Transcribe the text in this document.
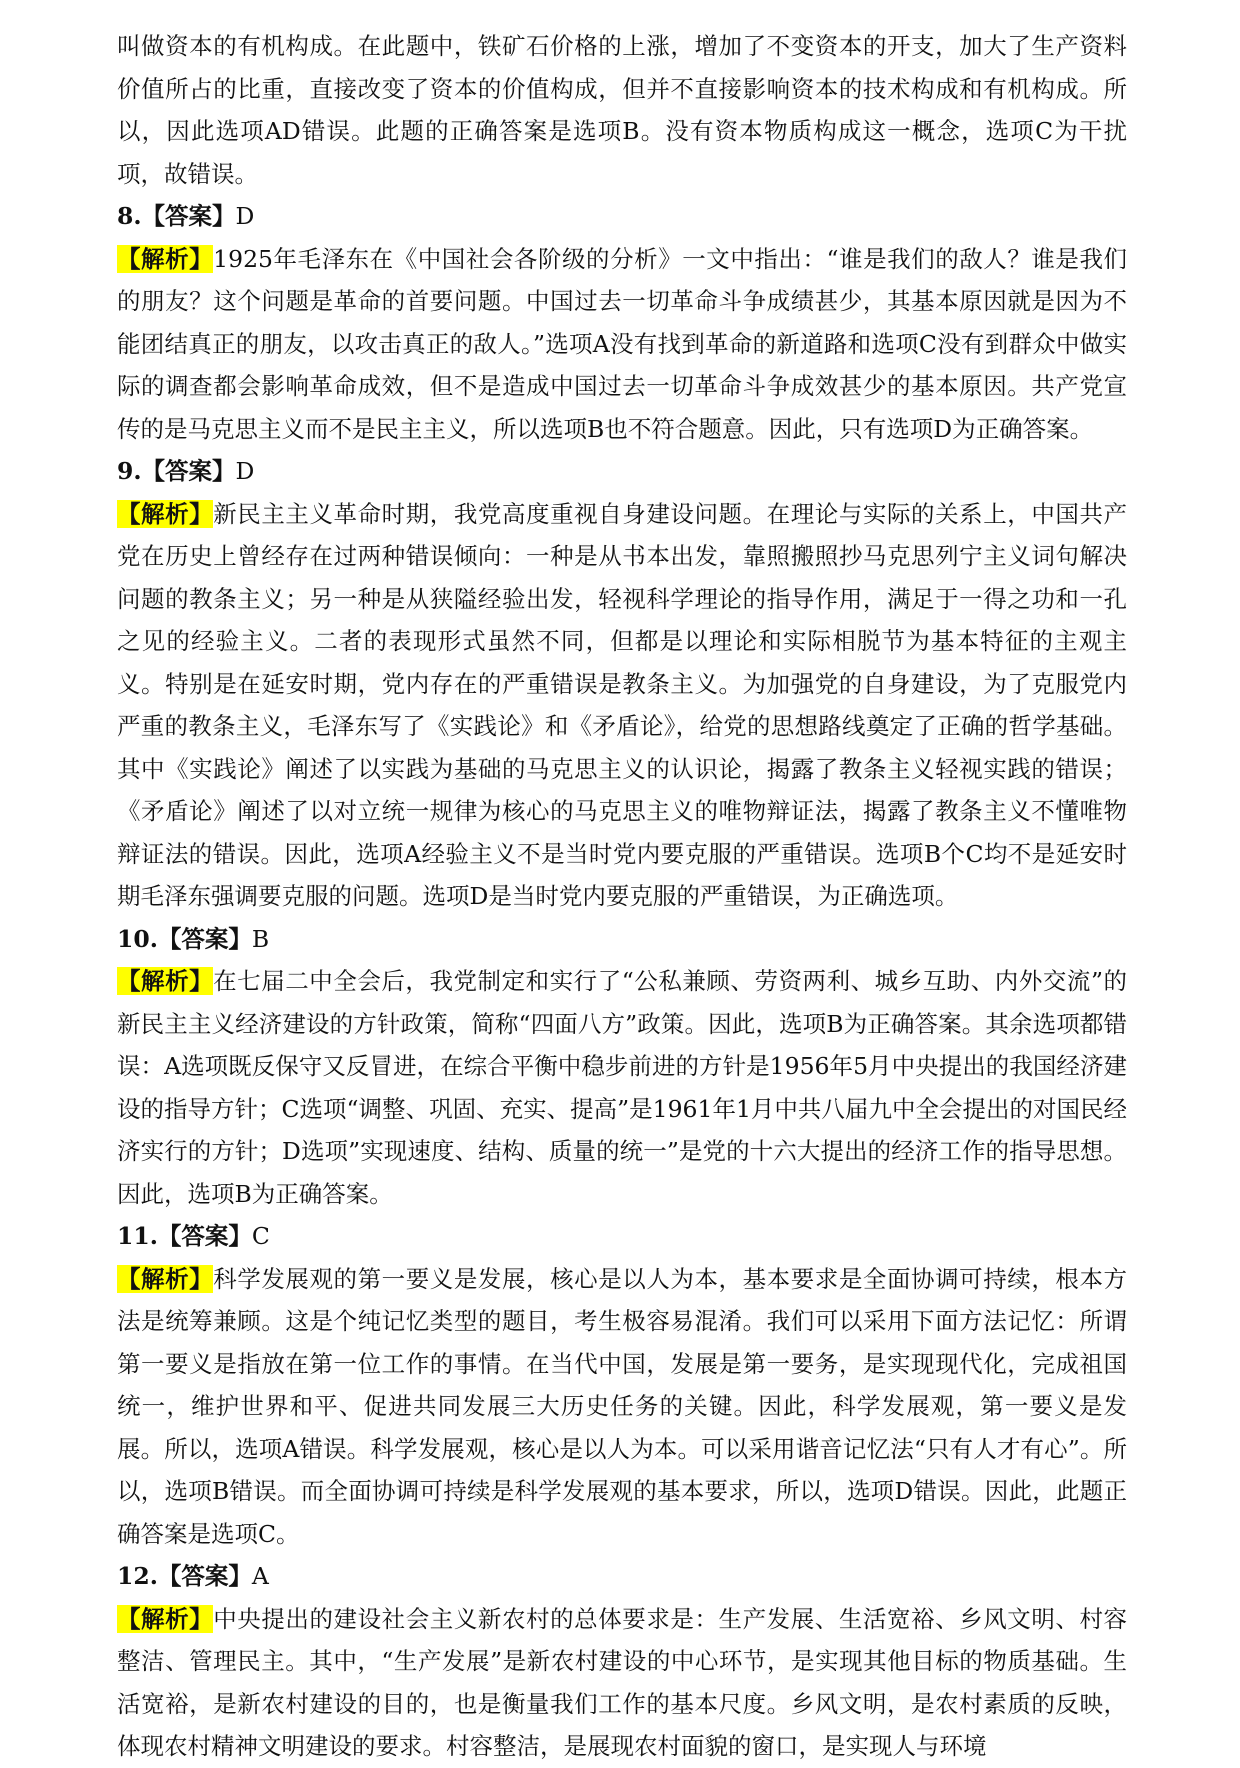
叫做资本的有机构成。在此题中，铁矿石价格的上涨，增加了不变资本的开支，加大了生产资料价值所占的比重，直接改变了资本的价值构成，但并不直接影响资本的技术构成和有机构成。所以，因此选项AD错误。此题的正确答案是选项B。没有资本物质构成这一概念，选项C为干扰项，故错误。

8.【答案】D

【解析】1925年毛泽东在《中国社会各阶级的分析》一文中指出：“谁是我们的敌人？谁是我们的朋友？这个问题是革命的首要问题。中国过去一切革命斗争成绩甚少，其基本原因就是因为不能团结真正的朋友，以攻击真正的敌人。”选项A没有找到革命的新道路和选项C没有到群众中做实际的调查都会影响革命成效，但不是造成中国过去一切革命斗争成效甚少的基本原因。共产党宣传的是马克思主义而不是民主主义，所以选项B也不符合题意。因此，只有选项D为正确答案。

9.【答案】D

【解析】新民主主义革命时期，我党高度重视自身建设问题。在理论与实际的关系上，中国共产党在历史上曾经存在过两种错误倾向：一种是从书本出发，靠照搬照抄马克思列宁主义词句解决问题的教条主义；另一种是从狭隘经验出发，轻视科学理论的指导作用，满足于一得之功和一孔之见的经验主义。二者的表现形式虽然不同，但都是以理论和实际相脱节为基本特征的主观主义。特别是在延安时期，党内存在的严重错误是教条主义。为加强党的自身建设，为了克服党内严重的教条主义，毛泽东写了《实践论》和《矛盾论》，给党的思想路线奠定了正确的哲学基础。其中《实践论》阐述了以实践为基础的马克思主义的认识论，揭露了教条主义轻视实践的错误；《矛盾论》阐述了以对立统一规律为核心的马克思主义的唯物辩证法，揭露了教条主义不懂唯物辩证法的错误。因此，选项A经验主义不是当时党内要克服的严重错误。选项B个C均不是延安时期毛泽东强调要克服的问题。选项D是当时党内要克服的严重错误，为正确选项。

10.【答案】B

【解析】在七届二中全会后，我党制定和实行了“公私兼顾、劳资两利、城乡互助、内外交流”的新民主主义经济建设的方针政策，简称“四面八方”政策。因此，选项B为正确答案。其余选项都错误：A选项既反保守又反冒进，在综合平衡中稳步前进的方针是1956年5月中央提出的我国经济建设的指导方针；C选项“调整、巩固、充实、提高”是1961年1月中共八届九中全会提出的对国民经济实行的方针；D选项”实现速度、结构、质量的统一”是党的十六大提出的经济工作的指导思想。因此，选项B为正确答案。

11.【答案】C

【解析】科学发展观的第一要义是发展，核心是以人为本，基本要求是全面协调可持续，根本方法是统筹兼顾。这是个纯记忆类型的题目，考生极容易混淆。我们可以采用下面方法记忆：所谓第一要义是指放在第一位工作的事情。在当代中国，发展是第一要务，是实现现代化，完成祖国统一，维护世界和平、促进共同发展三大历史任务的关键。因此，科学发展观，第一要义是发展。所以，选项A错误。科学发展观，核心是以人为本。可以采用谐音记忆法“只有人才有心”。所以，选项B错误。而全面协调可持续是科学发展观的基本要求，所以，选项D错误。因此，此题正确答案是选项C。

12.【答案】A

【解析】中央提出的建设社会主义新农村的总体要求是：生产发展、生活宽裕、乡风文明、村容整洁、管理民主。其中，“生产发展”是新农村建设的中心环节，是实现其他目标的物质基础。生活宽裕，是新农村建设的目的，也是衡量我们工作的基本尺度。乡风文明，是农村素质的反映，体现农村精神文明建设的要求。村容整洁，是展现农村面貌的窗口，是实现人与环境
